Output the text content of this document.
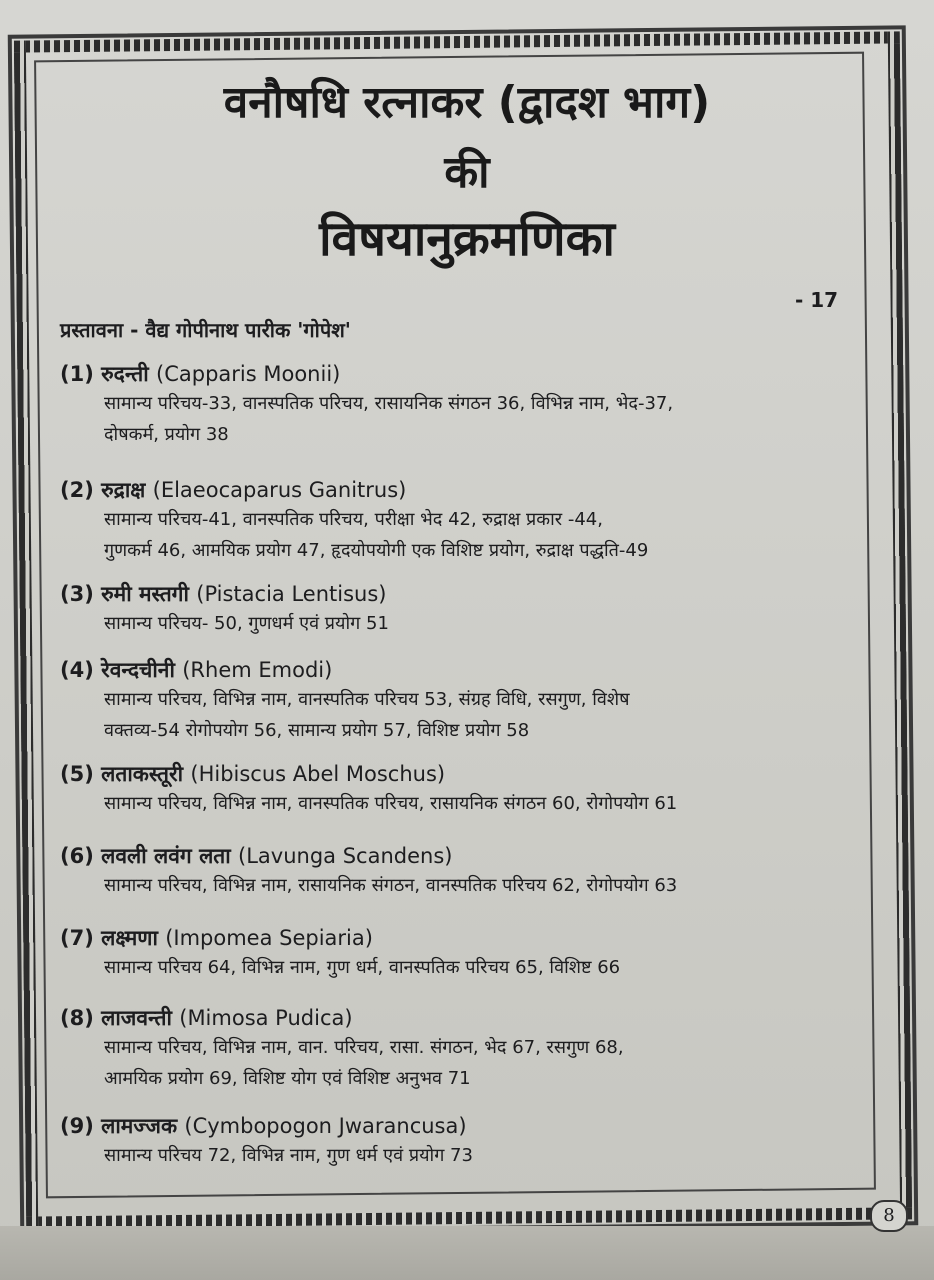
वनौषधि रत्नाकर (द्वादश भाग)
की
विषयानुक्रमणिका
- 17
प्रस्तावना - वैद्य गोपीनाथ पारीक 'गोपेश'
(1) रुदन्ती (Capparis Moonii)
सामान्य परिचय-33, वानस्पतिक परिचय, रासायनिक संगठन 36, विभिन्न नाम, भेद-37,
दोषकर्म, प्रयोग 38
(2) रुद्राक्ष (Elaeocaparus Ganitrus)
सामान्य परिचय-41, वानस्पतिक परिचय, परीक्षा भेद 42, रुद्राक्ष प्रकार -44,
गुणकर्म 46, आमयिक प्रयोग 47, हृदयोपयोगी एक विशिष्ट प्रयोग, रुद्राक्ष पद्धति-49
(3) रुमी मस्तगी (Pistacia Lentisus)
सामान्य परिचय- 50, गुणधर्म एवं प्रयोग 51
(4) रेवन्दचीनी (Rhem Emodi)
सामान्य परिचय, विभिन्न नाम, वानस्पतिक परिचय 53, संग्रह विधि, रसगुण, विशेष
वक्तव्य-54 रोगोपयोग 56, सामान्य प्रयोग 57, विशिष्ट प्रयोग 58
(5) लताकस्तूरी (Hibiscus Abel Moschus)
सामान्य परिचय, विभिन्न नाम, वानस्पतिक परिचय, रासायनिक संगठन 60, रोगोपयोग 61
(6) लवली लवंग लता (Lavunga Scandens)
सामान्य परिचय, विभिन्न नाम, रासायनिक संगठन, वानस्पतिक परिचय 62, रोगोपयोग 63
(7) लक्ष्मणा (Impomea Sepiaria)
सामान्य परिचय 64, विभिन्न नाम, गुण धर्म, वानस्पतिक परिचय 65, विशिष्ट 66
(8) लाजवन्ती (Mimosa Pudica)
सामान्य परिचय, विभिन्न नाम, वान. परिचय, रासा. संगठन, भेद 67, रसगुण 68,
आमयिक प्रयोग 69, विशिष्ट योग एवं विशिष्ट अनुभव 71
(9) लामज्जक (Cymbopogon Jwarancusa)
सामान्य परिचय 72, विभिन्न नाम, गुण धर्म एवं प्रयोग 73
8
